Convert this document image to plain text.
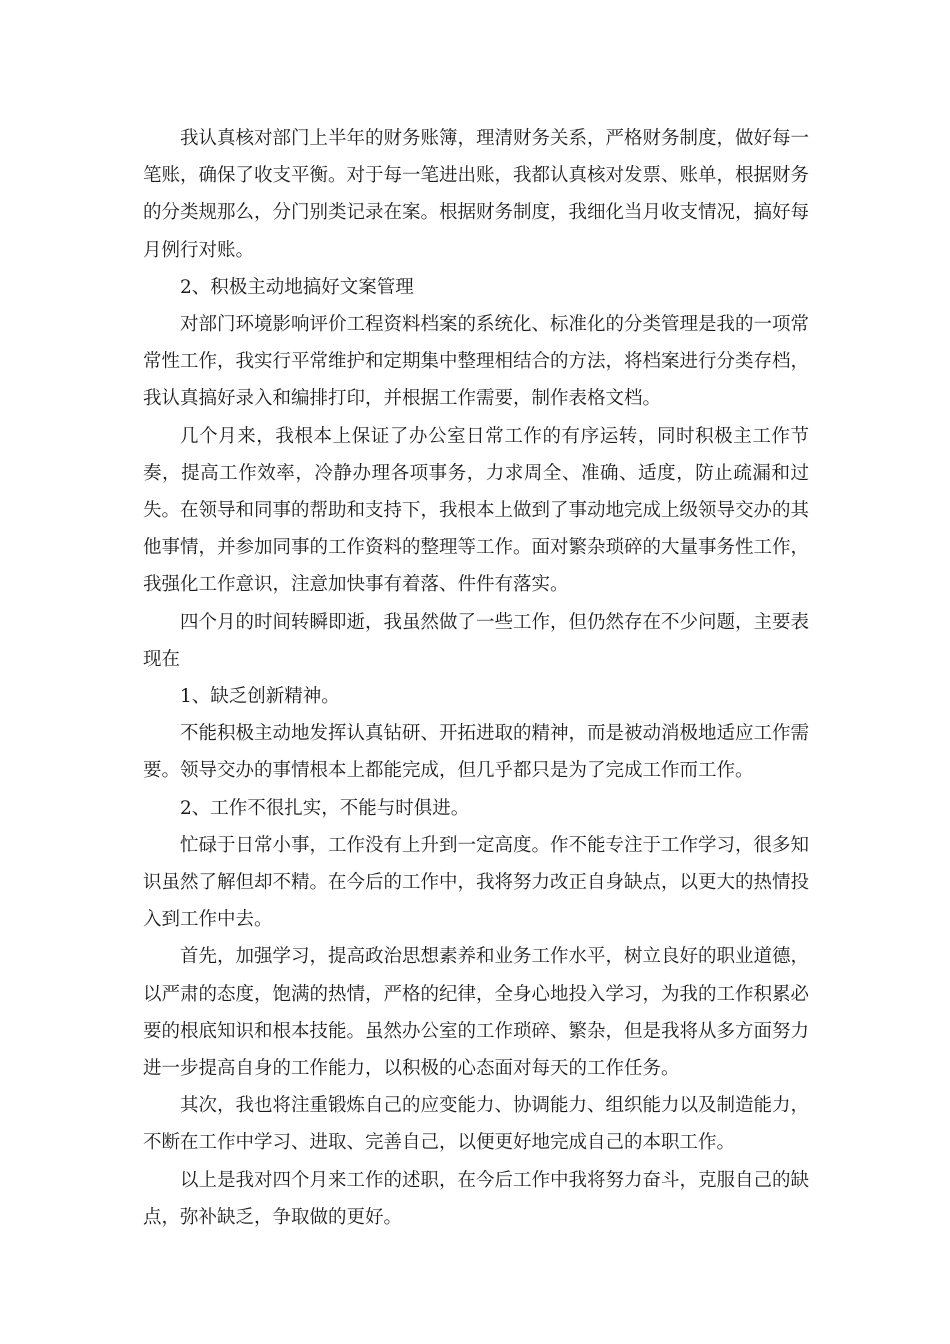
我认真核对部门上半年的财务账簿，理清财务关系，严格财务制度，做好每一笔账，确保了收支平衡。对于每一笔进出账，我都认真核对发票、账单，根据财务的分类规那么，分门别类记录在案。根据财务制度，我细化当月收支情况，搞好每月例行对账。

2、积极主动地搞好文案管理

对部门环境影响评价工程资料档案的系统化、标准化的分类管理是我的一项常常性工作，我实行平常维护和定期集中整理相结合的方法，将档案进行分类存档，我认真搞好录入和编排打印，并根据工作需要，制作表格文档。

几个月来，我根本上保证了办公室日常工作的有序运转，同时积极主工作节奏，提高工作效率，冷静办理各项事务，力求周全、准确、适度，防止疏漏和过失。在领导和同事的帮助和支持下，我根本上做到了事动地完成上级领导交办的其他事情，并参加同事的工作资料的整理等工作。面对繁杂琐碎的大量事务性工作，我强化工作意识，注意加快事有着落、件件有落实。

四个月的时间转瞬即逝，我虽然做了一些工作，但仍然存在不少问题，主要表现在

1、缺乏创新精神。

不能积极主动地发挥认真钻研、开拓进取的精神，而是被动消极地适应工作需要。领导交办的事情根本上都能完成，但几乎都只是为了完成工作而工作。

2、工作不很扎实，不能与时俱进。

忙碌于日常小事，工作没有上升到一定高度。作不能专注于工作学习，很多知识虽然了解但却不精。在今后的工作中，我将努力改正自身缺点，以更大的热情投入到工作中去。

首先，加强学习，提高政治思想素养和业务工作水平，树立良好的职业道德，以严肃的态度，饱满的热情，严格的纪律，全身心地投入学习，为我的工作积累必要的根底知识和根本技能。虽然办公室的工作琐碎、繁杂，但是我将从多方面努力进一步提高自身的工作能力，以积极的心态面对每天的工作任务。

其次，我也将注重锻炼自己的应变能力、协调能力、组织能力以及制造能力，不断在工作中学习、进取、完善自己，以便更好地完成自己的本职工作。

以上是我对四个月来工作的述职，在今后工作中我将努力奋斗，克服自己的缺点，弥补缺乏，争取做的更好。
